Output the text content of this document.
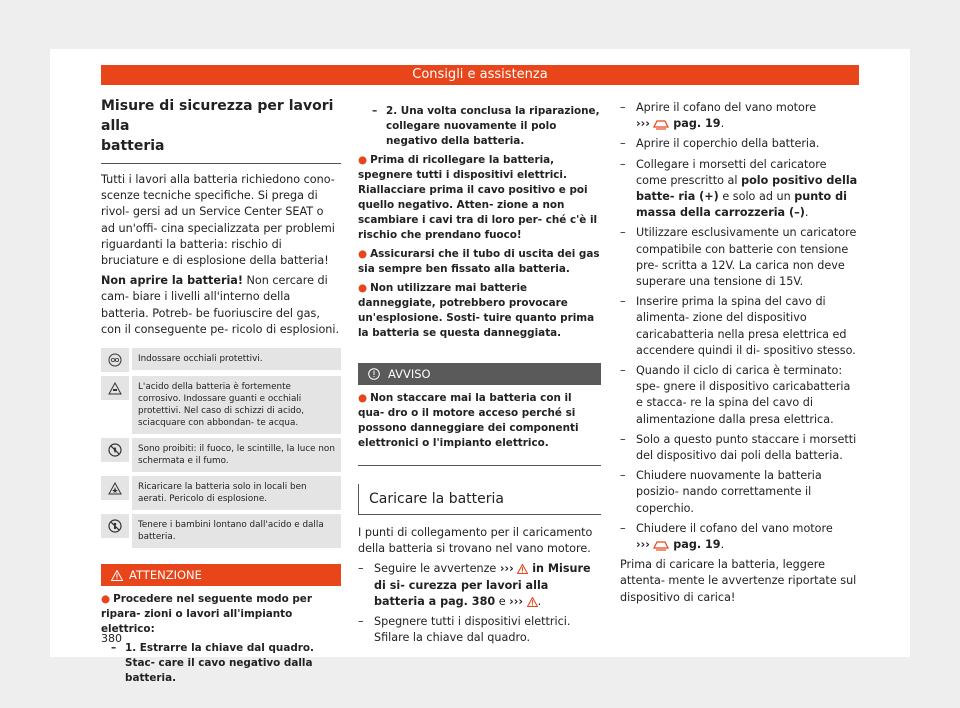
Consigli e assistenza
Misure di sicurezza per lavori alla
batteria

Tutti i lavori alla batteria richiedono cono- scenze tecniche specifiche. Si prega di rivol- gersi ad un Service Center SEAT o ad un'offi- cina specializzata per problemi riguardanti la batteria: rischio di bruciature e di esplosione della batteria!

Non aprire la batteria! Non cercare di cam- biare i livelli all'interno della batteria. Potreb- be fuoriuscire del gas, con il conseguente pe- ricolo di esplosioni.

Indossare occhiali protettivi.
L'acido della batteria è fortemente corrosivo. Indossare guanti e occhiali protettivi. Nel caso di schizzi di acido, sciacquare con abbondan- te acqua.
Sono proibiti: il fuoco, le scintille, la luce non schermata e il fumo.
Ricaricare la batteria solo in locali ben aerati. Pericolo di esplosione.
Tenere i bambini lontano dall'acido e dalla batteria.
ATTENZIONE
● Procedere nel seguente modo per ripara- zioni o lavori all'impianto elettrico:
– 1. Estrarre la chiave dal quadro. Stac- care il cavo negativo dalla batteria.
– 2. Una volta conclusa la riparazione, collegare nuovamente il polo negativo della batteria.
● Prima di ricollegare la batteria, spegnere tutti i dispositivi elettrici. Riallacciare prima il cavo positivo e poi quello negativo. Atten- zione a non scambiare i cavi tra di loro per- ché c'è il rischio che prendano fuoco!
● Assicurarsi che il tubo di uscita dei gas sia sempre ben fissato alla batteria.
● Non utilizzare mai batterie danneggiate, potrebbero provocare un'esplosione. Sosti- tuire quanto prima la batteria se questa danneggiata.
AVVISO
● Non staccare mai la batteria con il qua- dro o il motore acceso perché si possono danneggiare dei componenti elettronici o l'impianto elettrico.
Caricare la batteria

I punti di collegamento per il caricamento della batteria si trovano nel vano motore.

– Seguire le avvertenze ›››  in Misure di si- curezza per lavori alla batteria a pag. 380 e ››› .
– Spegnere tutti i dispositivi elettrici. Sfilare la chiave dal quadro.
– Aprire il cofano del vano motore
›››  pag. 19.
– Aprire il coperchio della batteria.
– Collegare i morsetti del caricatore come prescritto al polo positivo della batte- ria (+) e solo ad un punto di massa della carrozzeria (–).
– Utilizzare esclusivamente un caricatore compatibile con batterie con tensione pre- scritta a 12V. La carica non deve superare una tensione di 15V.
– Inserire prima la spina del cavo di alimenta- zione del dispositivo caricabatteria nella presa elettrica ed accendere quindi il di- spositivo stesso.
– Quando il ciclo di carica è terminato: spe- gnere il dispositivo caricabatteria e stacca- re la spina del cavo di alimentazione dalla presa elettrica.
– Solo a questo punto staccare i morsetti del dispositivo dai poli della batteria.
– Chiudere nuovamente la batteria posizio- nando correttamente il coperchio.
– Chiudere il cofano del vano motore
›››  pag. 19.

Prima di caricare la batteria, leggere attenta- mente le avvertenze riportate sul dispositivo di carica!

380
